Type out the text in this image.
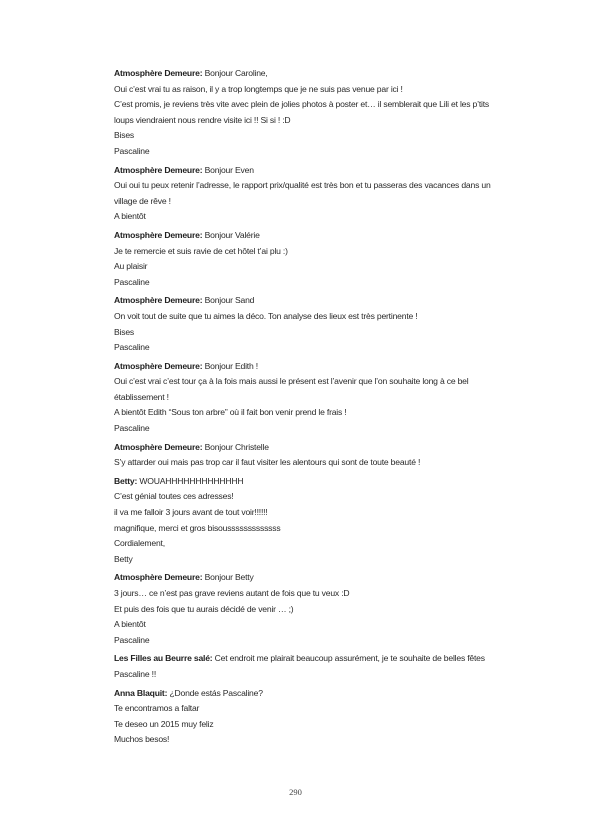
Atmosphère Demeure: Bonjour Caroline,
Oui c’est vrai tu as raison, il y a trop longtemps que je ne suis pas venue par ici !
C’est promis, je reviens très vite avec plein de jolies photos à poster et… il semblerait que Lili et les p’tits loups viendraient nous rendre visite ici !! Si si ! :D
Bises
Pascaline
Atmosphère Demeure: Bonjour Even
Oui oui tu peux retenir l’adresse, le rapport prix/qualité est très bon et tu passeras des vacances dans un village de rêve !
A bientôt
Atmosphère Demeure: Bonjour Valérie
Je te remercie et suis ravie de cet hôtel t’ai plu :)
Au plaisir
Pascaline
Atmosphère Demeure: Bonjour Sand
On voit tout de suite que tu aimes la déco. Ton analyse des lieux est très pertinente !
Bises
Pascaline
Atmosphère Demeure: Bonjour Edith !
Oui c’est vrai c’est tour ça à la fois mais aussi le présent est l’avenir que l’on souhaite long à ce bel établissement !
A bientôt Edith “Sous ton arbre” où il fait bon venir prend le frais !
Pascaline
Atmosphère Demeure: Bonjour Christelle
S’y attarder oui mais pas trop car il faut visiter les alentours qui sont de toute beauté !
Betty: WOUAHHHHHHHHHHHHH
C’est génial toutes ces adresses!
il va me falloir 3 jours avant de tout voir!!!!!!
magnifique, merci et gros bisousssssssssssss
Cordialement,
Betty
Atmosphère Demeure: Bonjour Betty
3 jours… ce n’est pas grave reviens autant de fois que tu veux :D
Et puis des fois que tu aurais décidé de venir … ;)
A bientôt
Pascaline
Les Filles au Beurre salé: Cet endroit me plairait beaucoup assurément, je te souhaite de belles fêtes Pascaline !!
Anna Blaquit: ¿Donde estás Pascaline?
Te encontramos a faltar
Te deseo un 2015 muy feliz
Muchos besos!
290
